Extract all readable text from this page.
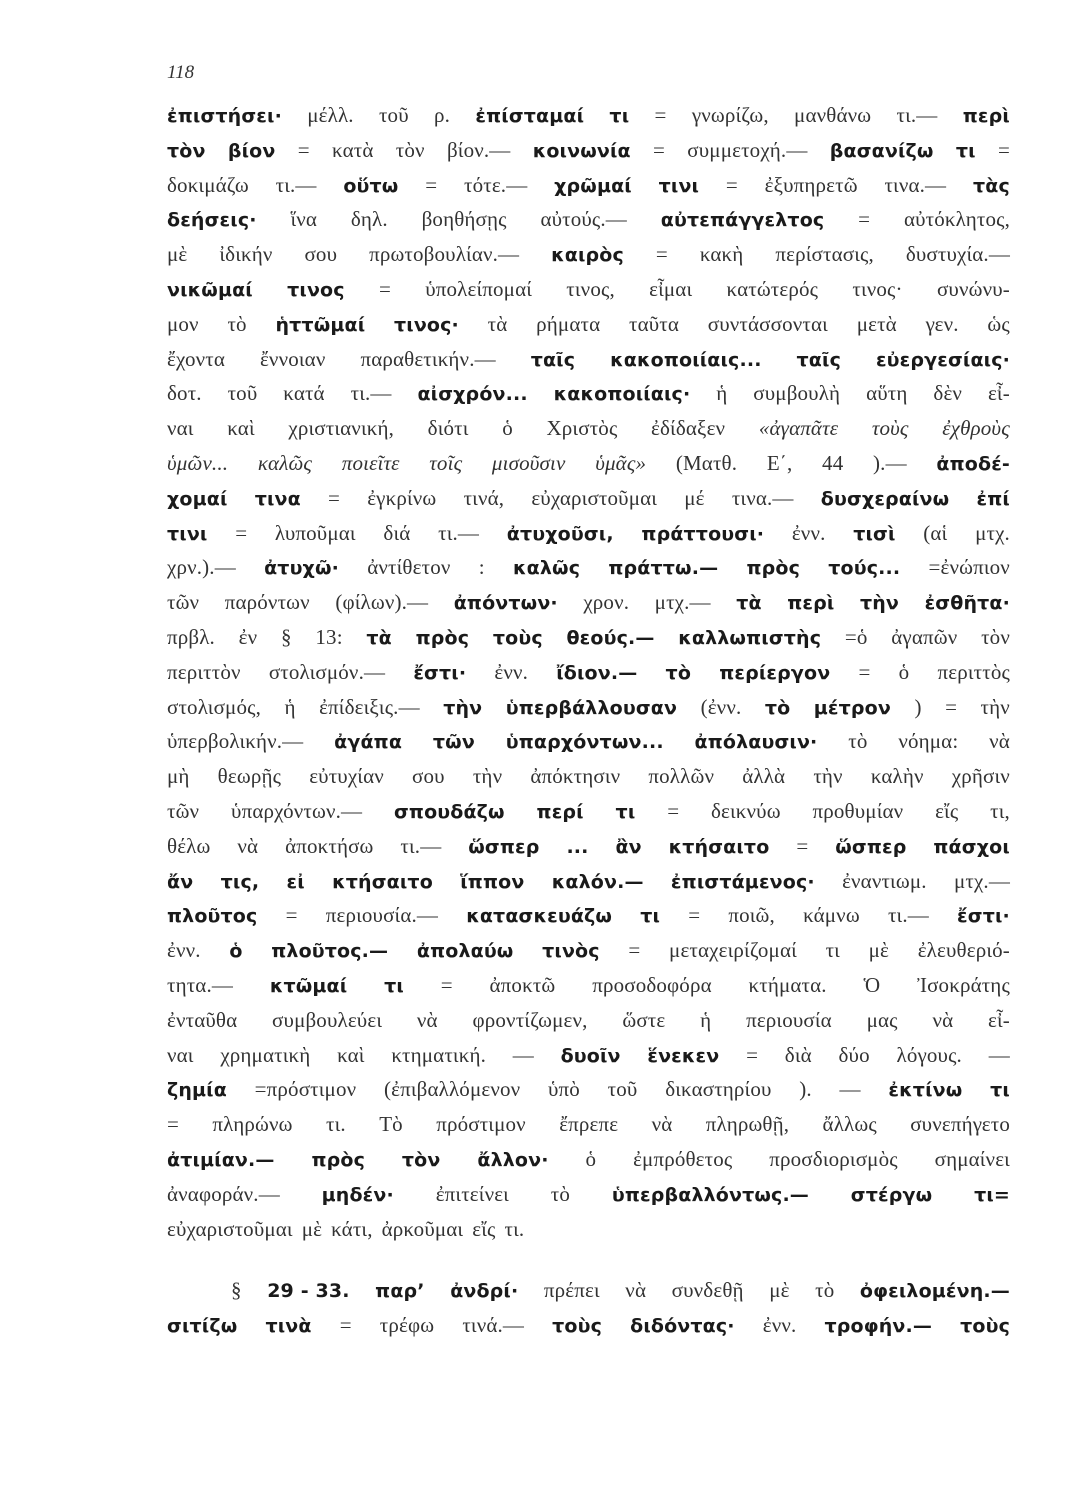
118
ἐπιστήσει· μέλλ. τοῦ ρ. ἐπίσταμαί τι = γνωρίζω, μανθάνω τι.— περὶ
τὸν βίον = κατὰ τὸν βίον.— κοινωνία = συμμετοχή.— βασανίζω τι =
δοκιμάζω τι.— οὕτω = τότε.— χρῶμαί τινι = ἐξυπηρετῶ τινα.— τὰς
δεήσεις· ἵνα δηλ. βοηθήσῃς αὐτούς.— αὐτεπάγγελτος = αὐτόκλητος,
μὲ ἰδικήν σου πρωτοβουλίαν.— καιρὸς = κακὴ περίστασις, δυστυχία.—
νικῶμαί τινος = ὑπολείπομαί τινος, εἶμαι κατώτερός τινος· συνώνυ-
μον τὸ ἡττῶμαί τινος· τὰ ρήματα ταῦτα συντάσσονται μετὰ γεν. ὡς
ἔχοντα ἔννοιαν παραθετικήν.— ταῖς κακοποιίαις... ταῖς εὐεργεσίαις·
δοτ. τοῦ κατά τι.— αἰσχρόν... κακοποιίαις· ἡ συμβουλὴ αὕτη δὲν εἶ-
ναι καὶ χριστιανική, διότι ὁ Χριστὸς ἐδίδαξεν «ἀγαπᾶτε τοὺς ἐχθροὺς
ὑμῶν... καλῶς ποιεῖτε τοῖς μισοῦσιν ὑμᾶς» (Ματθ. Ε΄, 44 ).— ἀποδέ-
χομαί τινα = ἐγκρίνω τινά, εὐχαριστοῦμαι μέ τινα.— δυσχεραίνω ἐπί
τινι = λυποῦμαι διά τι.— ἀτυχοῦσι, πράττουσι· ἐνν. τισὶ (αἱ μτχ.
χρν.).— ἀτυχῶ· ἀντίθετον : καλῶς πράττω.— πρὸς τούς... =ἐνώπιον
τῶν παρόντων (φίλων).— ἀπόντων· χρον. μτχ.— τὰ περὶ τὴν ἐσθῆτα·
πρβλ. ἐν § 13: τὰ πρὸς τοὺς θεούς.— καλλωπιστὴς =ὁ ἀγαπῶν τὸν
περιττὸν στολισμόν.— ἔστι· ἐνν. ἴδιον.— τὸ περίεργον = ὁ περιττὸς
στολισμός, ἡ ἐπίδειξις.— τὴν ὑπερβάλλουσαν (ἐνν. τὸ μέτρον ) = τὴν
ὑπερβολικήν.— ἀγάπα τῶν ὑπαρχόντων... ἀπόλαυσιν· τὸ νόημα: νὰ
μὴ θεωρῇς εὐτυχίαν σου τὴν ἀπόκτησιν πολλῶν ἀλλὰ τὴν καλὴν χρῆσιν
τῶν ὑπαρχόντων.— σπουδάζω περί τι = δεικνύω προθυμίαν εἴς τι,
θέλω νὰ ἀποκτήσω τι.— ὥσπερ ... ἂν κτήσαιτο = ὥσπερ πάσχοι
ἄν τις, εἰ κτήσαιτο ἵππον καλόν.— ἐπιστάμενος· ἐναντιωμ. μτχ.—
πλοῦτος = περιουσία.— κατασκευάζω τι = ποιῶ, κάμνω τι.— ἔστι·
ἐνν. ὁ πλοῦτος.— ἀπολαύω τινὸς = μεταχειρίζομαί τι μὲ ἐλευθεριό-
τητα.— κτῶμαί τι = ἀποκτῶ προσοδοφόρα κτήματα. Ὁ Ἰσοκράτης
ἐνταῦθα συμβουλεύει νὰ φροντίζωμεν, ὥστε ἡ περιουσία μας νὰ εἶ-
ναι χρηματικὴ καὶ κτηματική. — δυοῖν ἕνεκεν = διὰ δύο λόγους. —
ζημία =πρόστιμον (ἐπιβαλλόμενον ὑπὸ τοῦ δικαστηρίου ). — ἐκτίνω τι
= πληρώνω τι. Τὸ πρόστιμον ἔπρεπε νὰ πληρωθῇ, ἄλλως συνεπήγετο
ἀτιμίαν.— πρὸς τὸν ἄλλον· ὁ ἐμπρόθετος προσδιορισμὸς σημαίνει
ἀναφοράν.— μηδέν· ἐπιτείνει τὸ ὑπερβαλλόντως.— στέργω τι=
εὐχαριστοῦμαι μὲ κάτι, ἀρκοῦμαι εἴς τι.
§ 29 - 33. παρ’ ἀνδρί· πρέπει νὰ συνδεθῇ μὲ τὸ ὀφειλομένη.—
σιτίζω τινὰ = τρέφω τινά.— τοὺς διδόντας· ἐνν. τροφήν.— τοὺς
